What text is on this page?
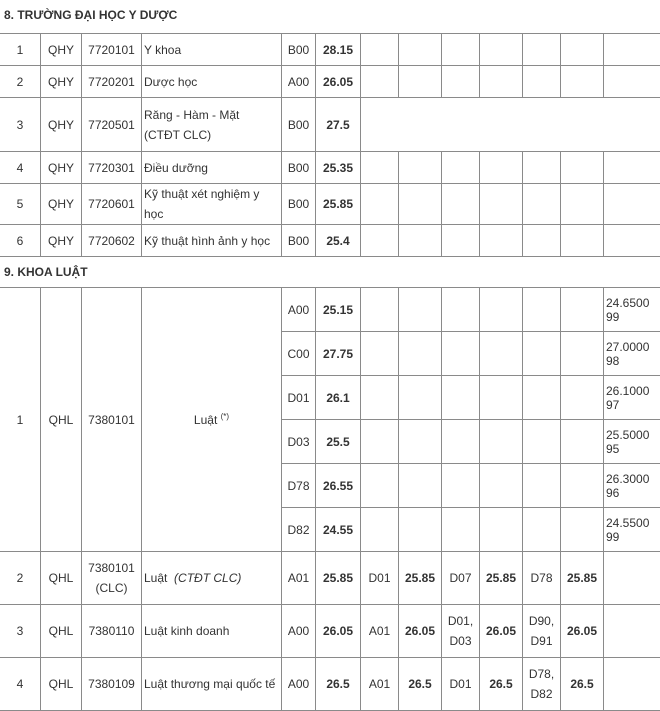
8. TRƯỜNG ĐẠI HỌC Y DƯỢC												
1	QHY	7720101	Y khoa	B00	28.15							
2	QHY	7720201	Dược học	A00	26.05							
3	QHY	7720501	Răng - Hàm - Mặt
(CTĐT CLC)	B00	27.5							
4	QHY	7720301	Điều dưỡng	B00	25.35							
5	QHY	7720601	Kỹ thuật xét nghiệm y học	B00	25.85							
6	QHY	7720602	Kỹ thuật hình ảnh y học	B00	25.4							
9. KHOA LUẬT												
1	QHL	7380101	Luật (*)	A00	25.15							24.6500
99
				C00	27.75							27.0000
98
				D01	26.1							26.1000
97
				D03	25.5							25.5000
95
				D78	26.55							26.3000
96
				D82	24.55							24.5500
99
2	QHL	7380101
(CLC)	Luật (CTĐT CLC)	A01	25.85	D01	25.85	D07	25.85	D78	25.85	
3	QHL	7380110	Luật kinh doanh	A00	26.05	A01	26.05	D01,
D03	26.05	D90,
D91	26.05	
4	QHL	7380109	Luật thương mại quốc tế	A00	26.5	A01	26.5	D01	26.5	D78,
D82	26.5	
